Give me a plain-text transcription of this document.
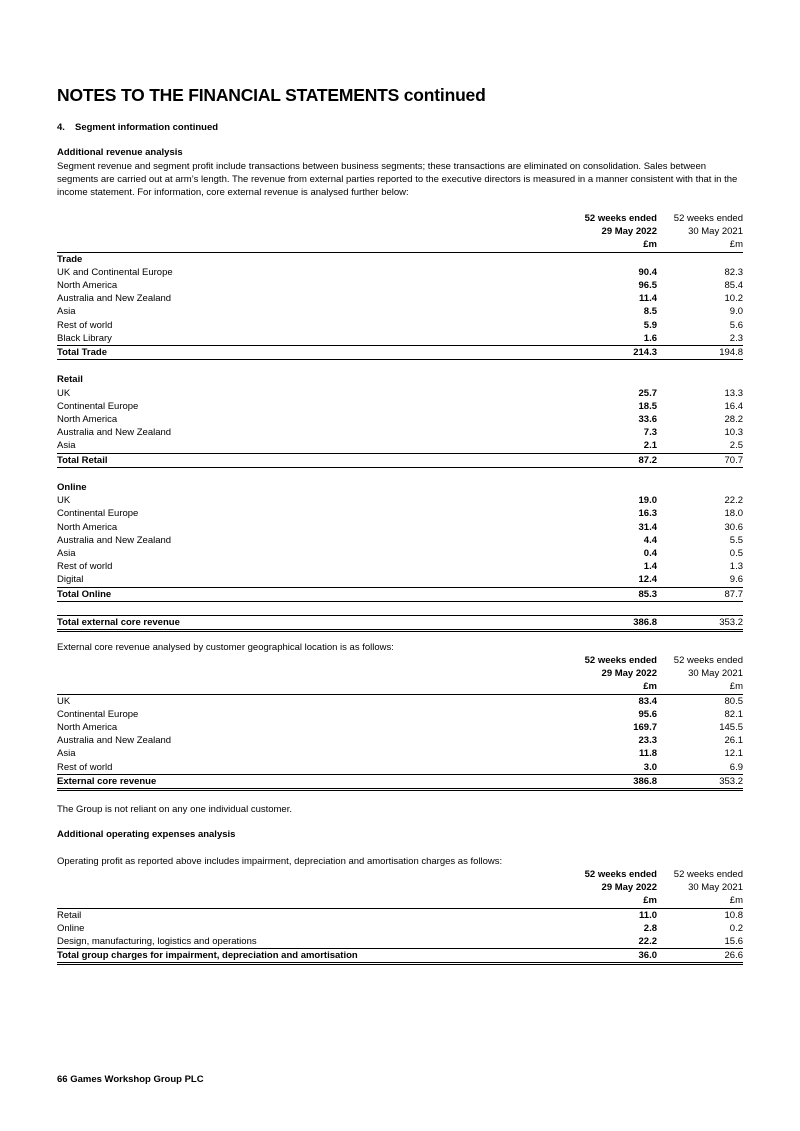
NOTES TO THE FINANCIAL STATEMENTS continued
4. Segment information continued
Additional revenue analysis

Segment revenue and segment profit include transactions between business segments; these transactions are eliminated on consolidation. Sales between segments are carried out at arm’s length. The revenue from external parties reported to the executive directors is measured in a manner consistent with that in the income statement. For information, core external revenue is analysed further below:

	52 weeks ended	52 weeks ended
	29 May 2022	30 May 2021
	£m	£m
Trade		
UK and Continental Europe	90.4	82.3
North America	96.5	85.4
Australia and New Zealand	11.4	10.2
Asia	8.5	9.0
Rest of world	5.9	5.6
Black Library	1.6	2.3
Total Trade	214.3	194.8

Retail		
UK	25.7	13.3
Continental Europe	18.5	16.4
North America	33.6	28.2
Australia and New Zealand	7.3	10.3
Asia	2.1	2.5
Total Retail	87.2	70.7

Online		
UK	19.0	22.2
Continental Europe	16.3	18.0
North America	31.4	30.6
Australia and New Zealand	4.4	5.5
Asia	0.4	0.5
Rest of world	1.4	1.3
Digital	12.4	9.6
Total Online	85.3	87.7

Total external core revenue	386.8	353.2

External core revenue analysed by customer geographical location is as follows:

	52 weeks ended	52 weeks ended
	29 May 2022	30 May 2021
	£m	£m
UK	83.4	80.5
Continental Europe	95.6	82.1
North America	169.7	145.5
Australia and New Zealand	23.3	26.1
Asia	11.8	12.1
Rest of world	3.0	6.9
External core revenue	386.8	353.2

The Group is not reliant on any one individual customer.

Additional operating expenses analysis

Operating profit as reported above includes impairment, depreciation and amortisation charges as follows:

	52 weeks ended	52 weeks ended
	29 May 2022	30 May 2021
	£m	£m
Retail	11.0	10.8
Online	2.8	0.2
Design, manufacturing, logistics and operations	22.2	15.6
Total group charges for impairment, depreciation and amortisation	36.0	26.6
66 Games Workshop Group PLC
